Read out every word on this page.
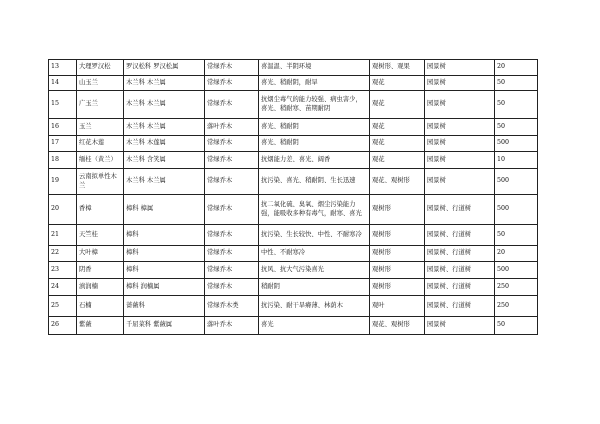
13	大理罗汉松	罗汉松科 罗汉松属	常绿乔木	喜温温、半阴环境	观树形、观果	园景树	20
14	山玉兰	木兰科 木兰属	常绿乔木	喜光、稍耐阴，耐旱	观花	园景树	50
15	广玉兰	木兰科 木兰属	常绿乔木	抗烟尘毒气的能力较强、病虫害少，喜光、稍耐寒、苗期耐阴	观花	园景树	50
16	玉兰	木兰科 木兰属	落叶乔木	喜光、稍耐阴	观花	园景树	50
17	红花木莲	木兰科 木莲属	常绿乔木	喜光、稍耐阴	观花	园景树	500
18	缅桂（黄兰）	木兰科 含笑属	常绿乔木	抗烟能力差、喜光、阔香	观花	园景树	10
19	云南拟单性木兰	木兰科 木兰属	常绿乔木	抗污染、喜光、稍耐阴、生长迅速	观花、观树形	园景树	500
20	香樟	樟科 樟属	常绿乔木	抗二氧化硫、臭氧、烟尘污染能力强，能吸收多种有毒气，耐寒、喜光	观树形	园景树、行道树	500
21	天竺桂	樟科	常绿乔木	抗污染、生长较快、中性、不耐寒冷	观树形	园景树、行道树	50
22	大叶樟	樟科	常绿乔木	中性、不耐寒冷	观树形	园景树、行道树	20
23	阴香	樟科	常绿乔木	抗风、抗大气污染喜光	观树形	园景树、行道树	500
24	滇润楠	樟科 润楠属	常绿乔木	稍耐阴	观树形	园景树、行道树	250
25	石楠	蔷薇科	常绿乔木类	抗污染、耐干旱瘠薄、林荫木	观叶	园景树、行道树	250
26	紫薇	千屈菜科 紫薇属	落叶乔木	喜光	观花、观树形	园景树	50
